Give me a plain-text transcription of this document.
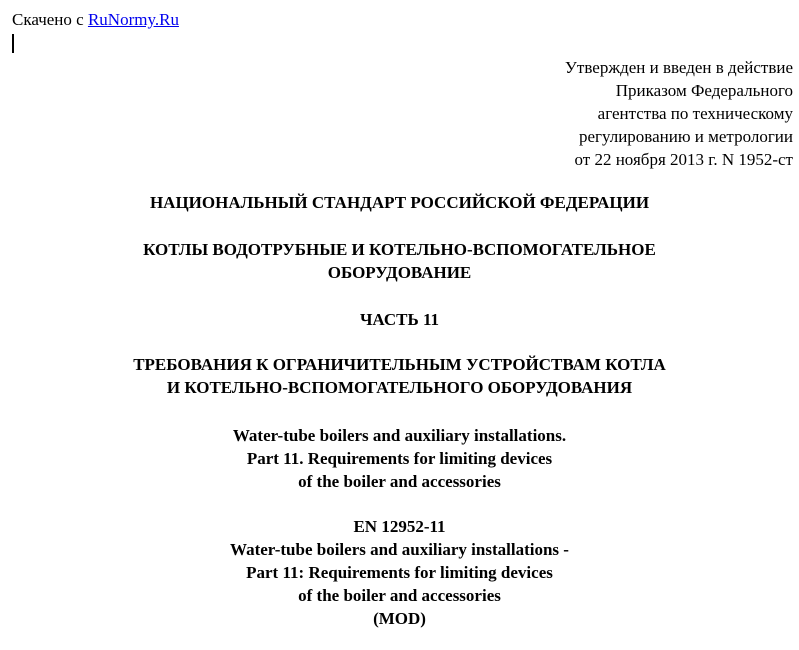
Скачено с RuNormy.Ru
Утвержден и введен в действие
Приказом Федерального
агентства по техническому
регулированию и метрологии
от 22 ноября 2013 г. N 1952-ст
НАЦИОНАЛЬНЫЙ СТАНДАРТ РОССИЙСКОЙ ФЕДЕРАЦИИ
КОТЛЫ ВОДОТРУБНЫЕ И КОТЕЛЬНО-ВСПОМОГАТЕЛЬНОЕ
ОБОРУДОВАНИЕ
ЧАСТЬ 11
ТРЕБОВАНИЯ К ОГРАНИЧИТЕЛЬНЫМ УСТРОЙСТВАМ КОТЛА
И КОТЕЛЬНО-ВСПОМОГАТЕЛЬНОГО ОБОРУДОВАНИЯ
Water-tube boilers and auxiliary installations.
Part 11. Requirements for limiting devices
of the boiler and accessories
EN 12952-11
Water-tube boilers and auxiliary installations -
Part 11: Requirements for limiting devices
of the boiler and accessories
(MOD)
